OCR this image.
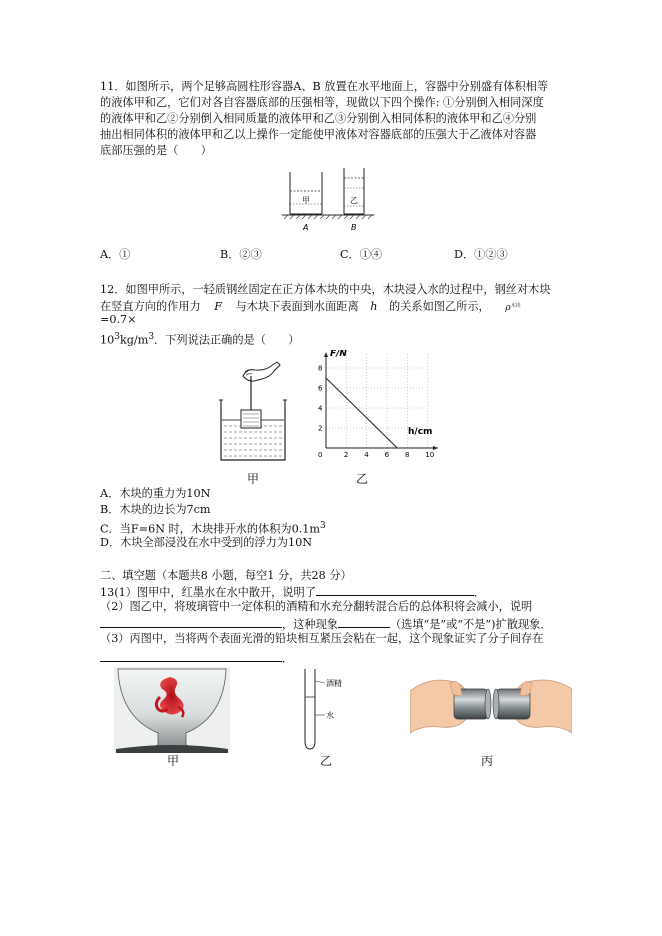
11．如图所示，两个足够高圆柱形容器A、B 放置在水平地面上，容器中分别盛有体积相等
的液体甲和乙，它们对各自容器底部的压强相等，现做以下四个操作: ①分别倒入相同深度
的液体甲和乙②分别倒入相同质量的液体甲和乙③分别倒入相同体积的液体甲和乙④分别
抽出相同体积的液体甲和乙以上操作一定能使甲液体对容器底部的压强大于乙液体对容器
底部压强的是（　　）
甲	乙
A	B
A．①	B．②③	C．①④	D．①②③
12．如图甲所示，一轻质钢丝固定在正方体木块的中央，木块浸入水的过程中，钢丝对木块
在竖直方向的作用力 F 与木块下表面到水面距离 h 的关系如图乙所示， $\rho^{木块}$
=0.7×
$10^3kg/m^3$．下列说法正确的是（　　）
0	2 4 6 8 10
2
4
6
8
h/cm
F/N
甲	乙
A．木块的重力为10N
B．木块的边长为7cm
C．当F=6N 时，木块排开水的体积为$0.1m^3$
D．木块全部浸没在水中受到的浮力为10N
二、填空题（本题共8 小题，每空1 分，共28 分）
13(1）图甲中，红墨水在水中散开，说明了	．
（2）图乙中，将玻璃管中一定体积的酒精和水充分翻转混合后的总体积将会减小，说明
，这种现象	（选填“是”或“不是”)扩散现象．
（3）丙图中，当将两个表面光滑的铅块相互紧压会粘在一起，这个现象证实了分子间存在
．
酒精
水
甲	乙	丙
